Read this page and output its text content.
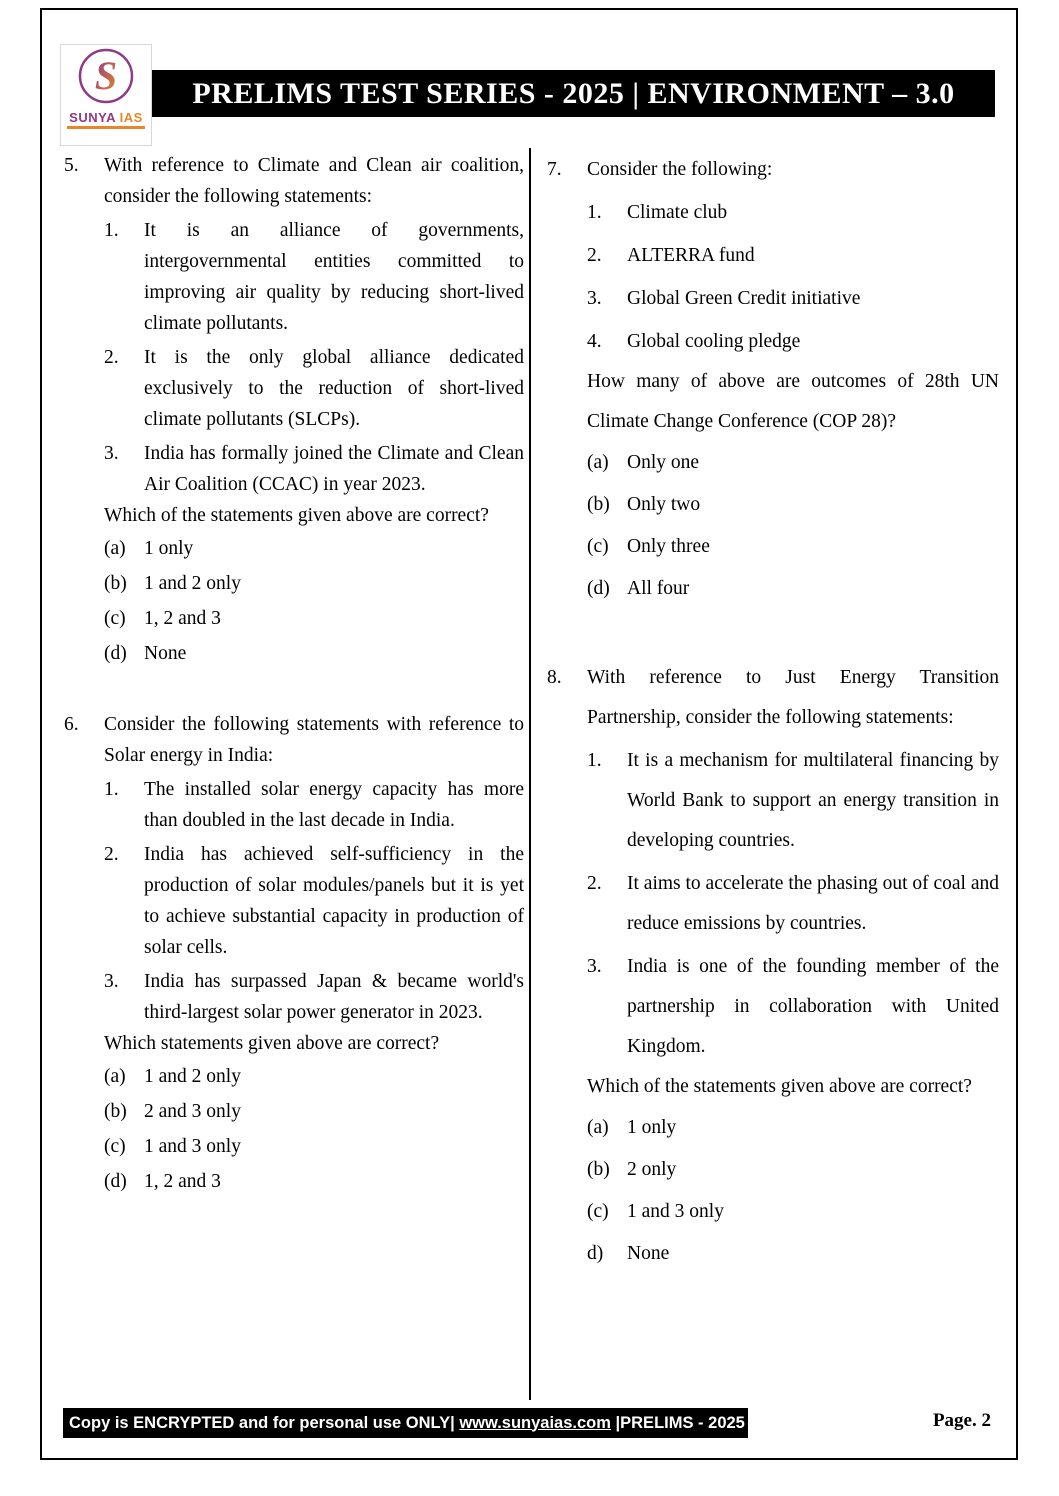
S
SUNYA IAS
PRELIMS TEST SERIES - 2025 | ENVIRONMENT – 3.0
5.	With reference to Climate and Clean air coalition, consider the following statements:
1.	It is an alliance of governments, intergovernmental entities committed to improving air quality by reducing short-lived climate pollutants.
2.	It is the only global alliance dedicated exclusively to the reduction of short-lived climate pollutants (SLCPs).
3.	India has formally joined the Climate and Clean Air Coalition (CCAC) in year 2023.
Which of the statements given above are correct?
(a) 1 only
(b) 1 and 2 only
(c) 1, 2 and 3
(d) None
6.	Consider the following statements with reference to Solar energy in India:
1.	The installed solar energy capacity has more than doubled in the last decade in India.
2.	India has achieved self-sufficiency in the production of solar modules/panels but it is yet to achieve substantial capacity in production of solar cells.
3.	India has surpassed Japan & became world's third-largest solar power generator in 2023.
Which statements given above are correct?
(a) 1 and 2 only
(b) 2 and 3 only
(c) 1 and 3 only
(d) 1, 2 and 3
7.	Consider the following:
1.	Climate club
2.	ALTERRA fund
3.	Global Green Credit initiative
4.	Global cooling pledge
How many of above are outcomes of 28th UN Climate Change Conference (COP 28)?
(a) Only one
(b) Only two
(c) Only three
(d) All four
8.	With reference to Just Energy Transition Partnership, consider the following statements:
1.	It is a mechanism for multilateral financing by World Bank to support an energy transition in developing countries.
2.	It aims to accelerate the phasing out of coal and reduce emissions by countries.
3.	India is one of the founding member of the partnership in collaboration with United Kingdom.
Which of the statements given above are correct?
(a) 1 only
(b) 2 only
(c) 1 and 3 only
d)	None
Copy is ENCRYPTED and for personal use ONLY| www.sunyaias.com |PRELIMS - 2025	Page. 2
